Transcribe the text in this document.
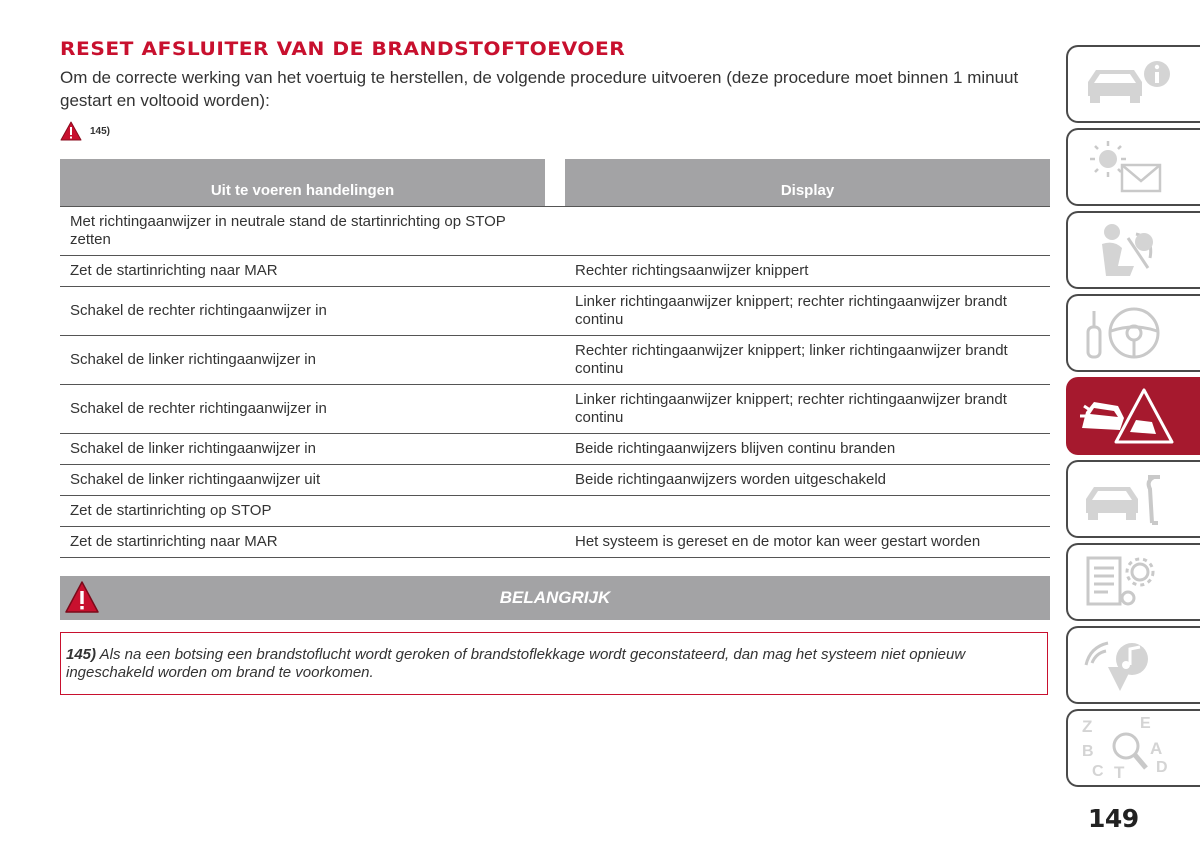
RESET AFSLUITER VAN DE BRANDSTOFTOEVOER

Om de correcte werking van het voertuig te herstellen, de volgende procedure uitvoeren (deze procedure moet binnen 1 minuut gestart en voltooid worden):

145)
Uit te voeren handelingen		Display
Met richtingaanwijzer in neutrale stand de startinrichting op STOP zetten		
Zet de startinrichting naar MAR		Rechter richtingsaanwijzer knippert
Schakel de rechter richtingaanwijzer in		Linker richtingaanwijzer knippert; rechter richtingaanwijzer brandt continu
Schakel de linker richtingaanwijzer in		Rechter richtingaanwijzer knippert; linker richtingaanwijzer brandt continu
Schakel de rechter richtingaanwijzer in		Linker richtingaanwijzer knippert; rechter richtingaanwijzer brandt continu
Schakel de linker richtingaanwijzer in		Beide richtingaanwijzers blijven continu branden
Schakel de linker richtingaanwijzer uit		Beide richtingaanwijzers worden uitgeschakeld
Zet de startinrichting op STOP		
Zet de startinrichting naar MAR		Het systeem is gereset en de motor kan weer gestart worden
BELANGRIJK
145) Als na een botsing een brandstoflucht wordt geroken of brandstoflekkage wordt geconstateerd, dan mag het systeem niet opnieuw ingeschakeld worden om brand te voorkomen.
Z	E
B	A
C T D
149
